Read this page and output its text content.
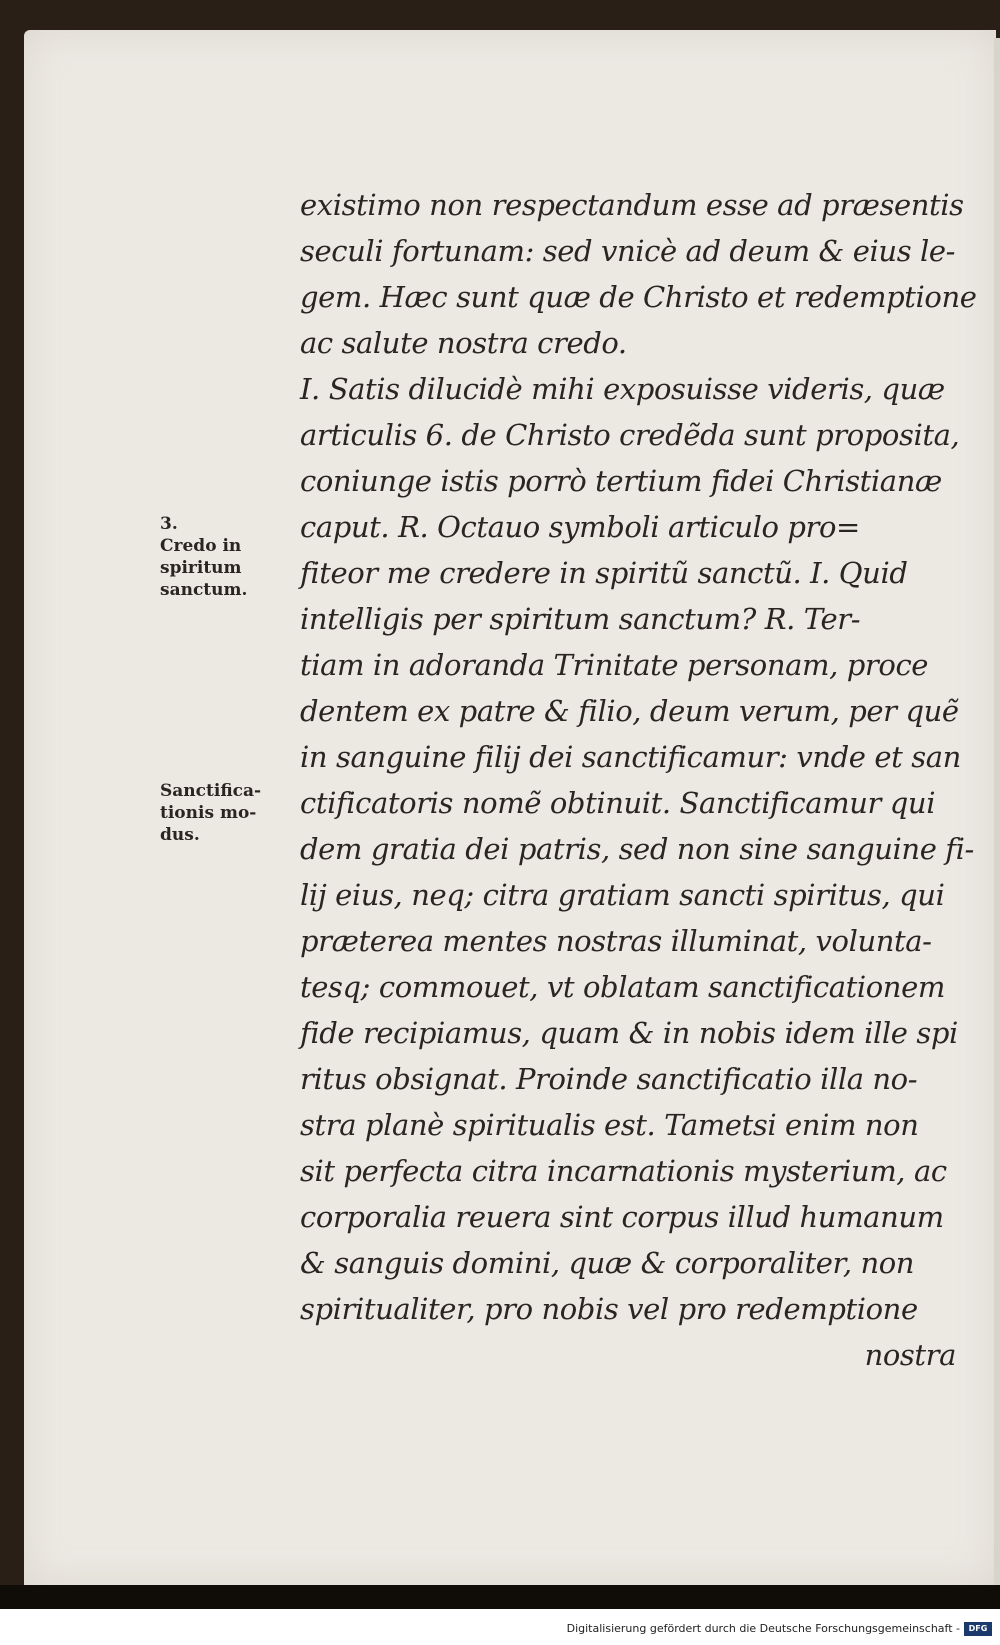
existimo non respectandum esse ad præsentis
seculi fortunam: sed vnicè ad deum & eius le-
gem. Hæc sunt quæ de Christo et redemptione
ac salute nostra credo.
I. Satis dilucidè mihi exposuisse videris, quæ
articulis 6. de Christo credẽda sunt proposita,
coniunge istis porrò tertium fidei Christianæ
caput. R. Octauo symboli articulo pro=
fiteor me credere in spiritũ sanctũ. I. Quid
intelligis per spiritum sanctum? R. Ter-
tiam in adoranda Trinitate personam, proce
dentem ex patre & filio, deum verum, per quẽ
in sanguine filij dei sanctificamur: vnde et san
ctificatoris nomẽ obtinuit. Sanctificamur qui
dem gratia dei patris, sed non sine sanguine fi-
lij eius, neq; citra gratiam sancti spiritus, qui
præterea mentes nostras illuminat, volunta-
tesq; commouet, vt oblatam sanctificationem
fide recipiamus, quam & in nobis idem ille spi
ritus obsignat. Proinde sanctificatio illa no-
stra planè spiritualis est. Tametsi enim non
sit perfecta citra incarnationis mysterium, ac
corporalia reuera sint corpus illud humanum
& sanguis domini, quæ & corporaliter, non
spiritualiter, pro nobis vel pro redemptione
nostra
3.
Credo in
spiritum
sanctum.
Sanctifica-
tionis mo-
dus.
Digitalisierung gefördert durch die Deutsche Forschungsgemeinschaft -	DFG
